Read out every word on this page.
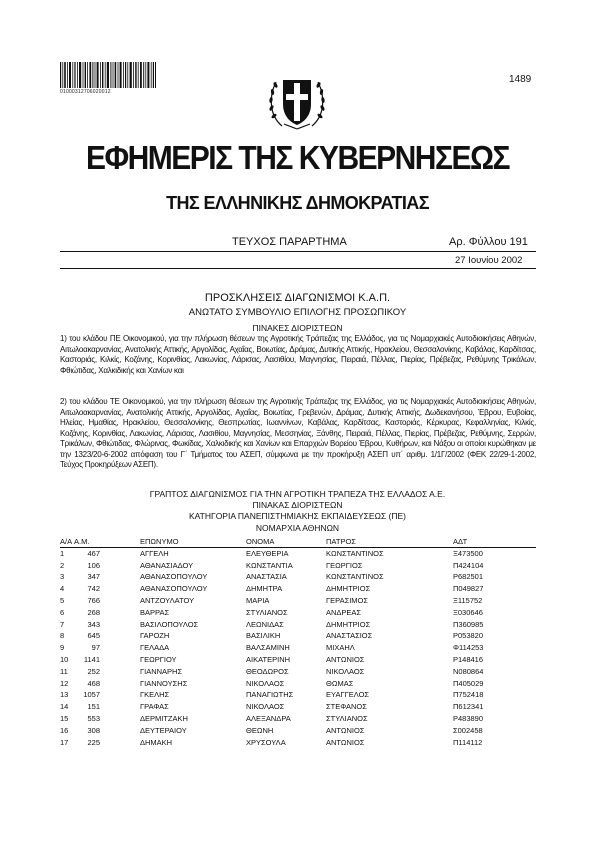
01000312706020012
1489
ΕΦΗΜΕΡΙΣ ΤΗΣ ΚΥΒΕΡΝΗΣΕΩΣ
ΤΗΣ ΕΛΛΗΝΙΚΗΣ ΔΗΜΟΚΡΑΤΙΑΣ
ΤΕΥΧΟΣ ΠΑΡΑΡΤΗΜΑ	Αρ. Φύλλου 191
27 Ιουνίου 2002
ΠΡΟΣΚΛΗΣΕΙΣ ΔΙΑΓΩΝΙΣΜΟΙ Κ.Α.Π.
ΑΝΩΤΑΤΟ ΣΥΜΒΟΥΛΙΟ ΕΠΙΛΟΓΗΣ ΠΡΟΣΩΠΙΚΟΥ
ΠΙΝΑΚΕΣ ΔΙΟΡΙΣΤΕΩΝ

1) του κλάδου ΠΕ Οικονομικού, για την πλήρωση θέσεων της Αγροτικής Τράπεζας της Ελλάδος, για τις Νομαρχιακές Αυτοδιοικήσεις Αθηνών, Αιτωλοακαρνανίας, Ανατολικής Αττικής, Αργολίδας, Αχαΐας, Βοιωτίας, Δράμας, Δυτικής Αττικής, Ηρακλείου, Θεσσαλονίκης, Καβάλας, Καρδίτσας, Καστοριάς, Κιλκίς, Κοζάνης, Κορινθίας, Λακωνίας, Λάρισας, Λασιθίου, Μαγνησίας, Πειραιά, Πέλλας, Πιερίας, Πρέβεζας, Ρεθύμνης Τρικάλων, Φθιώτιδας, Χαλκιδικής και Χανίων και

2) του κλάδου ΤΕ Οικονομικού, για την πλήρωση θέσεων της Αγροτικής Τράπεζας της Ελλάδος, για τις Νομαρχιακές Αυτοδιοικήσεις Αθηνών, Αιτωλοακαρνανίας, Ανατολικής Αττικής, Αργολίδας, Αχαΐας, Βοιωτίας, Γρεβενών, Δράμας, Δυτικής Αττικής, Δωδεκανήσου, Έβρου, Ευβοίας, Ηλείας, Ημαθίας, Ηρακλείου, Θεσσαλονίκης, Θεσπρωτίας, Ιωαννίνων, Καβάλας, Καρδίτσας, Καστοριάς, Κέρκυρας, Κεφαλληνίας, Κιλκίς, Κοζάνης, Κορινθίας, Λακωνίας, Λάρισας, Λασιθίου, Μαγνησίας, Μεσσηνίας, Ξάνθης, Πειραιά, Πέλλας, Πιερίας, Πρέβεζας, Ρεθύμνης, Σερρών, Τρικάλων, Φθιώτιδας, Φλώρινας, Φωκίδας, Χαλκιδικής και Χανίων και Επαρχιών Βορείου Έβρου, Κυθήρων, και Νάξου οι οποίοι κυρώθηκαν με την 1323/20-6-2002 απόφαση του Γ΄ Τμήματος του ΑΣΕΠ, σύμφωνα με την προκήρυξη ΑΣΕΠ υπ΄ αριθμ. 1/1Γ/2002 (ΦΕΚ 22/29-1-2002, Τεύχος Προκηρύξεων ΑΣΕΠ).

ΓΡΑΠΤΟΣ ΔΙΑΓΩΝΙΣΜΟΣ ΓΙΑ ΤΗΝ ΑΓΡΟΤΙΚΗ ΤΡΑΠΕΖΑ ΤΗΣ ΕΛΛΑΔΟΣ Α.Ε.
ΠΙΝΑΚΑΣ ΔΙΟΡΙΣΤΕΩΝ
ΚΑΤΗΓΟΡΙΑ ΠΑΝΕΠΙΣΤΗΜΙΑΚΗΣ ΕΚΠΑΙΔΕΥΣΕΩΣ (ΠΕ)
ΝΟΜΑΡΧΙΑ ΑΘΗΝΩΝ
Α/Α Α.Μ.	ΕΠΩΝΥΜΟ	ΟΝΟΜΑ	ΠΑΤΡΟΣ	ΑΔΤ
1	467	ΑΓΓΕΛΗ	ΕΛΕΥΘΕΡΙΑ	ΚΩΝΣΤΑΝΤΙΝΟΣ	Ξ473500
2	106	ΑΘΑΝΑΣΙΑΔΟΥ	ΚΩΝΣΤΑΝΤΙΑ	ΓΕΩΡΓΙΟΣ	Π424104
3	347	ΑΘΑΝΑΣΟΠΟΥΛΟΥ	ΑΝΑΣΤΑΣΙΑ	ΚΩΝΣΤΑΝΤΙΝΟΣ	Ρ682501
4	742	ΑΘΑΝΑΣΟΠΟΥΛΟΥ	ΔΗΜΗΤΡΑ	ΔΗΜΗΤΡΙΟΣ	Π049827
5	766	ΑΝΤΖΟΥΛΑΤΟΥ	ΜΑΡΙΑ	ΓΕΡΑΣΙΜΟΣ	Ξ115752
6	268	ΒΑΡΡΑΣ	ΣΤΥΛΙΑΝΟΣ	ΑΝΔΡΕΑΣ	Ξ030646
7	343	ΒΑΣΙΛΟΠΟΥΛΟΣ	ΛΕΩΝΙΔΑΣ	ΔΗΜΗΤΡΙΟΣ	Π360985
8	645	ΓΑΡΟΖΗ	ΒΑΣΙΛΙΚΗ	ΑΝΑΣΤΑΣΙΟΣ	Ρ053820
9	97	ΓΕΛΑΔΑ	ΒΑΛΣΑΜΙΝΗ	ΜΙΧΑΗΛ	Φ114253
10	1141	ΓΕΩΡΓΙΟΥ	ΑΙΚΑΤΕΡΙΝΗ	ΑΝΤΩΝΙΟΣ	Ρ148416
11	252	ΓΙΑΝΝΑΡΗΣ	ΘΕΟΔΩΡΟΣ	ΝΙΚΟΛΑΟΣ	Ν080864
12	468	ΓΙΑΝΝΟΥΣΗΣ	ΝΙΚΟΛΑΟΣ	ΘΩΜΑΣ	Π405029
13	1057	ΓΚΕΛΗΣ	ΠΑΝΑΓΙΩΤΗΣ	ΕΥΑΓΓΕΛΟΣ	Π752418
14	151	ΓΡΑΦΑΣ	ΝΙΚΟΛΑΟΣ	ΣΤΕΦΑΝΟΣ	Π612341
15	553	ΔΕΡΜΙΤΖΑΚΗ	ΑΛΕΞΑΝΔΡΑ	ΣΤΥΛΙΑΝΟΣ	Ρ483890
16	308	ΔΕΥΤΕΡΑΙΟΥ	ΘΕΩΝΗ	ΑΝΤΩΝΙΟΣ	Σ002458
17	225	ΔΗΜΑΚΗ	ΧΡΥΣΟΥΛΑ	ΑΝΤΩΝΙΟΣ	Π114112
